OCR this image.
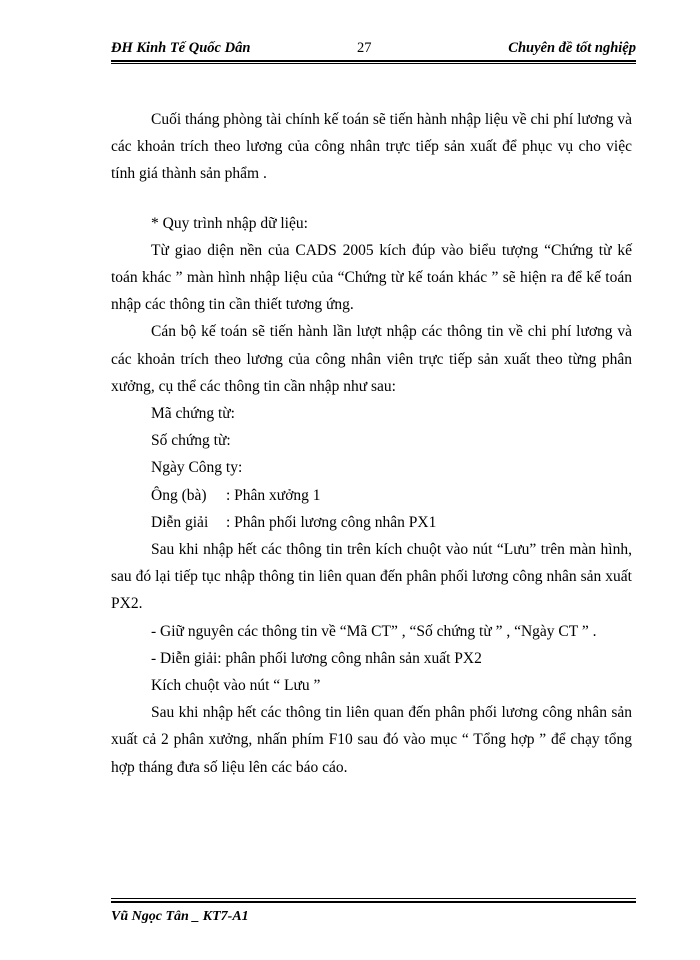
ĐH Kinh Tế Quốc Dân	27	Chuyên đề tốt nghiệp

Cuối tháng phòng tài chính kế toán sẽ tiến hành nhập liệu về chi phí lương và các khoản trích theo lương của công nhân trực tiếp sản xuất để phục vụ cho việc tính giá thành sản phẩm .

* Quy trình nhập dữ liệu:

Từ giao diện nền của CADS 2005 kích đúp vào biểu tượng “Chứng từ kế toán khác ” màn hình nhập liệu của “Chứng từ kế toán khác ” sẽ hiện ra để kế toán nhập các thông tin cần thiết tương ứng.

Cán bộ kế toán sẽ tiến hành lần lượt nhập các thông tin về chi phí lương và các khoản trích theo lương của công nhân viên trực tiếp sản xuất theo từng phân xưởng, cụ thể các thông tin cần nhập như sau:

Mã chứng từ:

Số chứng từ:

Ngày Công ty:

Ông (bà) : Phân xưởng 1

Diễn giải : Phân phối lương công nhân PX1

Sau khi nhập hết các thông tin trên kích chuột vào nút “Lưu” trên màn hình, sau đó lại tiếp tục nhập thông tin liên quan đến phân phối lương công nhân sản xuất PX2.

- Giữ nguyên các thông tin về “Mã CT” , “Số chứng từ ” , “Ngày CT ” .

- Diễn giải: phân phối lương công nhân sản xuất PX2

Kích chuột vào nút “ Lưu ”

Sau khi nhập hết các thông tin liên quan đến phân phối lương công nhân sản xuất cả 2 phân xưởng, nhấn phím F10 sau đó vào mục “ Tổng hợp ” để chạy tổng hợp tháng đưa số liệu lên các báo cáo.

Vũ Ngọc Tân _ KT7-A1
